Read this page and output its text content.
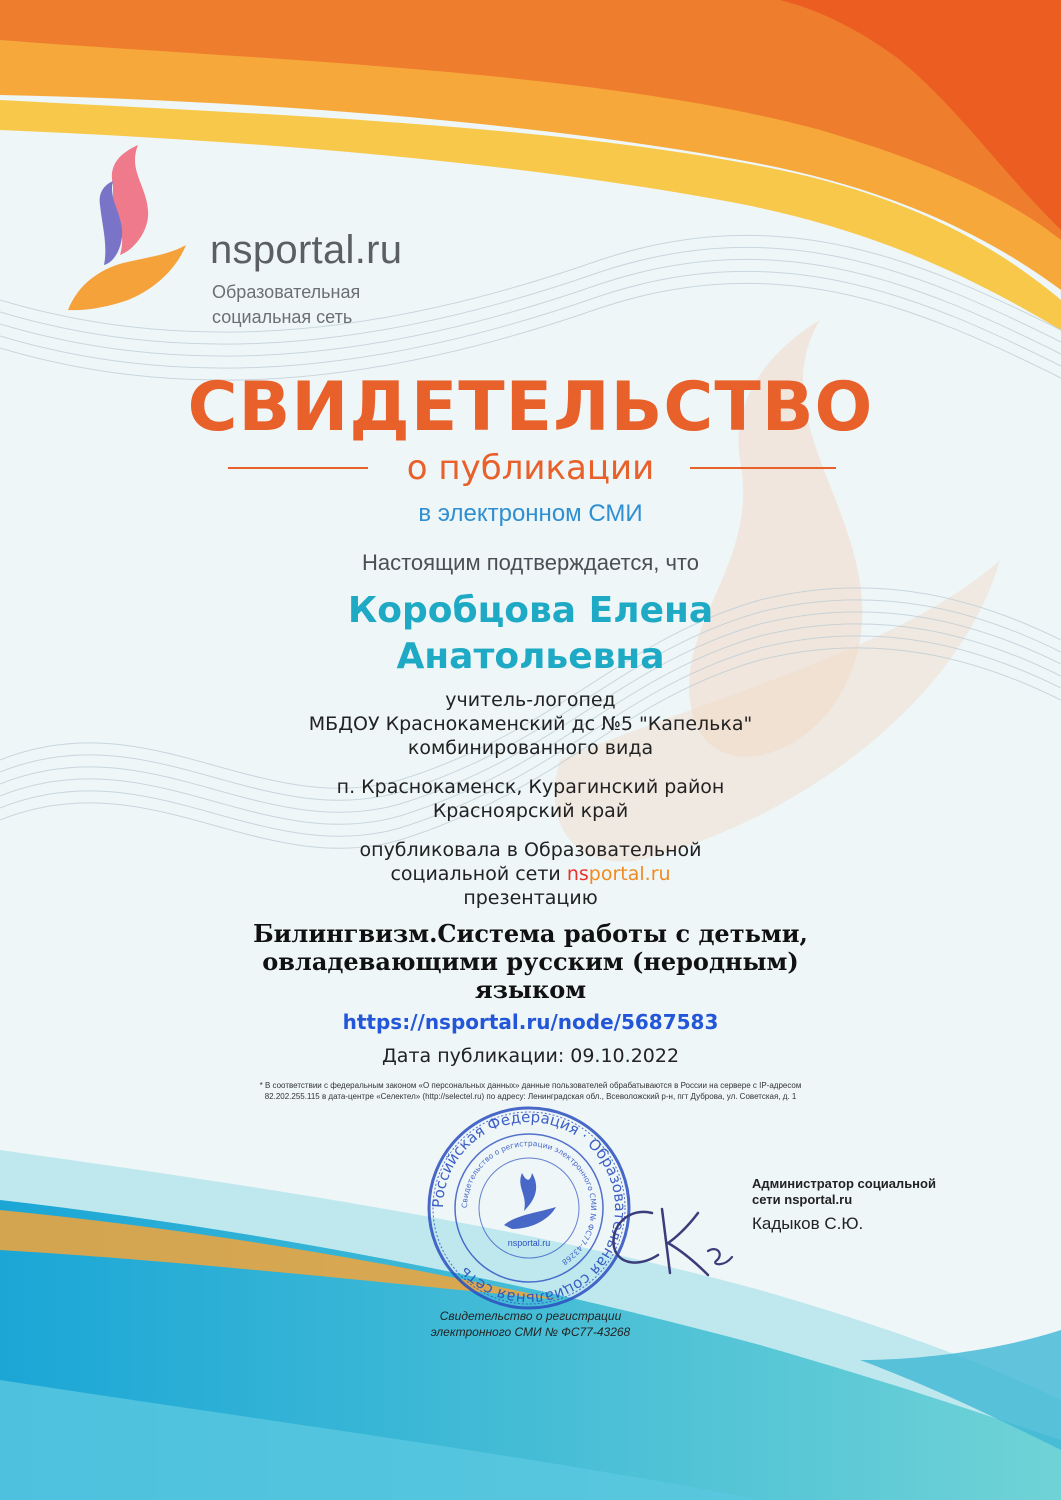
nsportal.ru
Образовательная
социальная сеть
СВИДЕТЕЛЬСТВО
о публикации
в электронном СМИ
Настоящим подтверждается, что
Коробцова Елена
Анатольевна
учитель-логопед
МБДОУ Краснокаменский дс №5 "Капелька"
комбинированного вида
п. Краснокаменск, Курагинский район
Красноярский край
опубликовала в Образовательной
социальной сети nsportal.ru
презентацию
Билингвизм.Система работы с детьми,
овладевающими русским (неродным)
языком
https://nsportal.ru/node/5687583
Дата публикации: 09.10.2022
* В соответствии с федеральным законом «О персональных данных» данные пользователей обрабатываются в России на сервере с IP-адресом
82.202.255.115 в дата-центре «Селектел» (http://selectel.ru) по адресу: Ленинградская обл., Всеволожский р-н, пгт Дуброва, ул. Советская, д. 1
Российская Федерация · Образовательная социальная сеть
Свидетельство о регистрации электронного СМИ № ФС77-43268
nsportal.ru
Администратор социальной
сети nsportal.ru
Кадыков С.Ю.
Свидетельство о регистрации
электронного СМИ № ФС77-43268
